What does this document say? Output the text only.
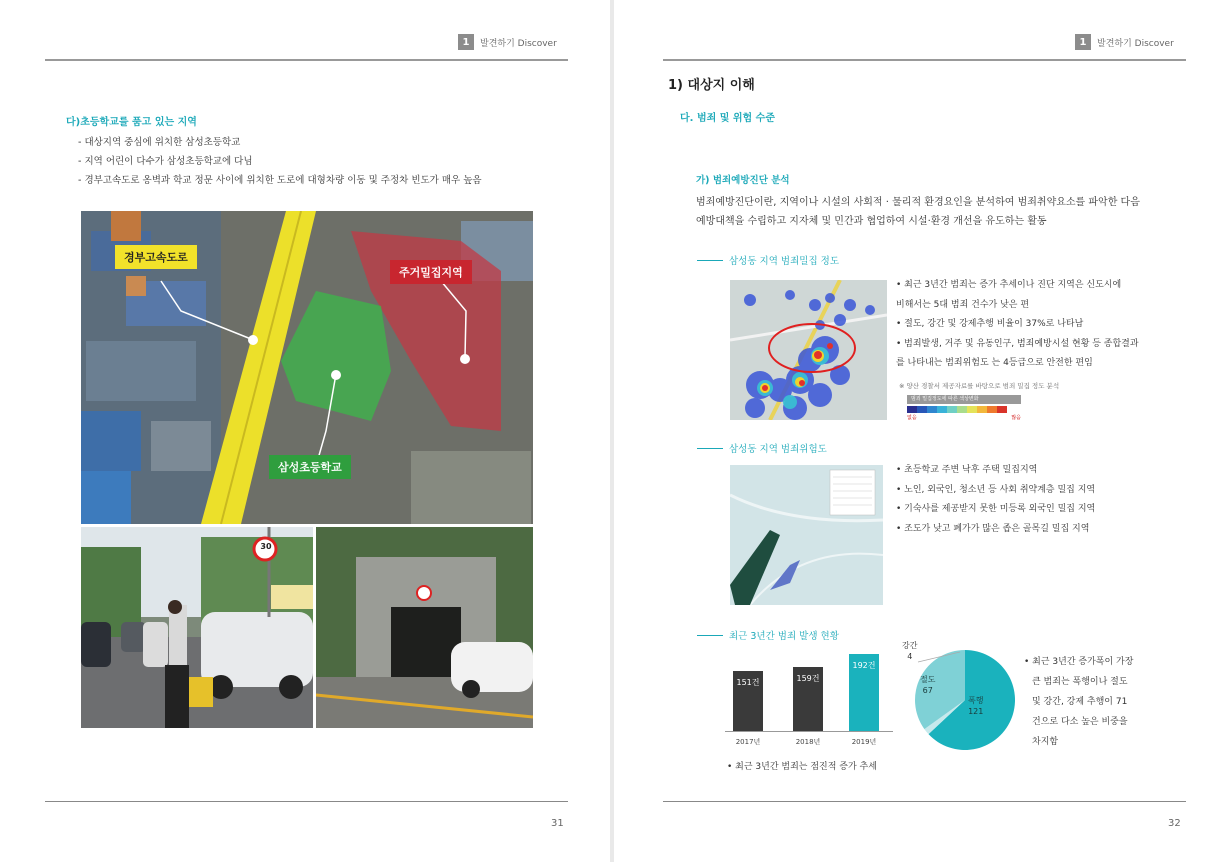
1	발견하기 Discover
다)초등학교를 품고 있는 지역
- 대상지역 중심에 위치한 삼성초등학교
- 지역 어린이 다수가 삼성초등학교에 다님
- 경부고속도로 옹벽과 학교 정문 사이에 위치한 도로에 대형차량 이동 및 주정차 빈도가 매우 높음
경부고속도로
주거밀집지역
삼성초등학교
30
31
1	발견하기 Discover
1) 대상지 이해
다. 범죄 및 위험 수준
가) 범죄예방진단 분석
범죄예방진단이란, 지역이나 시설의 사회적 · 물리적 환경요인을 분석하여 범죄취약요소를 파악한 다음
예방대책을 수립하고 지자체 및 민간과 협업하여 시설·환경 개선을 유도하는 활동
삼성동 지역 범죄밀집 정도
• 최근 3년간 범죄는 증가 추세이나 진단 지역은 신도시에
비해서는 5대 범죄 건수가 낮은 편
• 절도, 강간 및 강제추행 비율이 37%로 나타남
• 범죄발생, 거주 및 유동인구, 범죄예방시설 현황 등 종합결과
를 나타내는 범죄위험도 는 4등급으로 안전한 편임
※ 양산 경찰서 제공자료를 바탕으로 범죄 밀집 정도 분석
범죄 밀집정도에 따른 색상변화
없음	많음
삼성동 지역 범죄위험도
• 초등학교 주변 낙후 주택 밀집지역
• 노인, 외국인, 청소년 등 사회 취약계층 밀집 지역
• 기숙사를 제공받지 못한 미등록 외국인 밀집 지역
• 조도가 낮고 폐가가 많은 좁은 골목길 밀집 지역
최근 3년간 범죄 발생 현황
151건
2017년
159건
2018년
192건
2019년
• 최근 3년간 범죄는 점진적 증가 추세
폭행
121
강간
4
절도
67
• 최근 3년간 증가폭이 가장
큰 범죄는 폭행이나 절도
및 강간, 강제 추행이 71
건으로 다소 높은 비중을
차지함
32
